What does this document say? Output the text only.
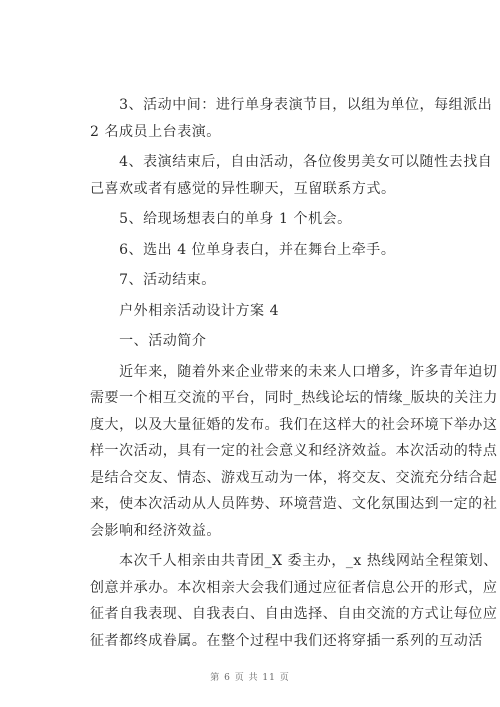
　　3、活动中间：进行单身表演节目，以组为单位，每组派出
2 名成员上台表演。
　　4、表演结束后，自由活动，各位俊男美女可以随性去找自
己喜欢或者有感觉的异性聊天，互留联系方式。
　　5、给现场想表白的单身 1 个机会。
　　6、选出 4 位单身表白，并在舞台上牵手。
　　7、活动结束。
　　户外相亲活动设计方案 4
　　一、活动简介
　　近年来，随着外来企业带来的未来人口增多，许多青年迫切
需要一个相互交流的平台，同时_热线论坛的情缘_版块的关注力
度大，以及大量征婚的发布。我们在这样大的社会环境下举办这
样一次活动，具有一定的社会意义和经济效益。本次活动的特点
是结合交友、情态、游戏互动为一体，将交友、交流充分结合起
来，使本次活动从人员阵势、环境营造、文化氛围达到一定的社
会影响和经济效益。
　　本次千人相亲由共青团_X 委主办，_x 热线网站全程策划、
创意并承办。本次相亲大会我们通过应征者信息公开的形式，应
征者自我表现、自我表白、自由选择、自由交流的方式让每位应
征者都终成眷属。在整个过程中我们还将穿插一系列的互动活
第 6 页 共 11 页
